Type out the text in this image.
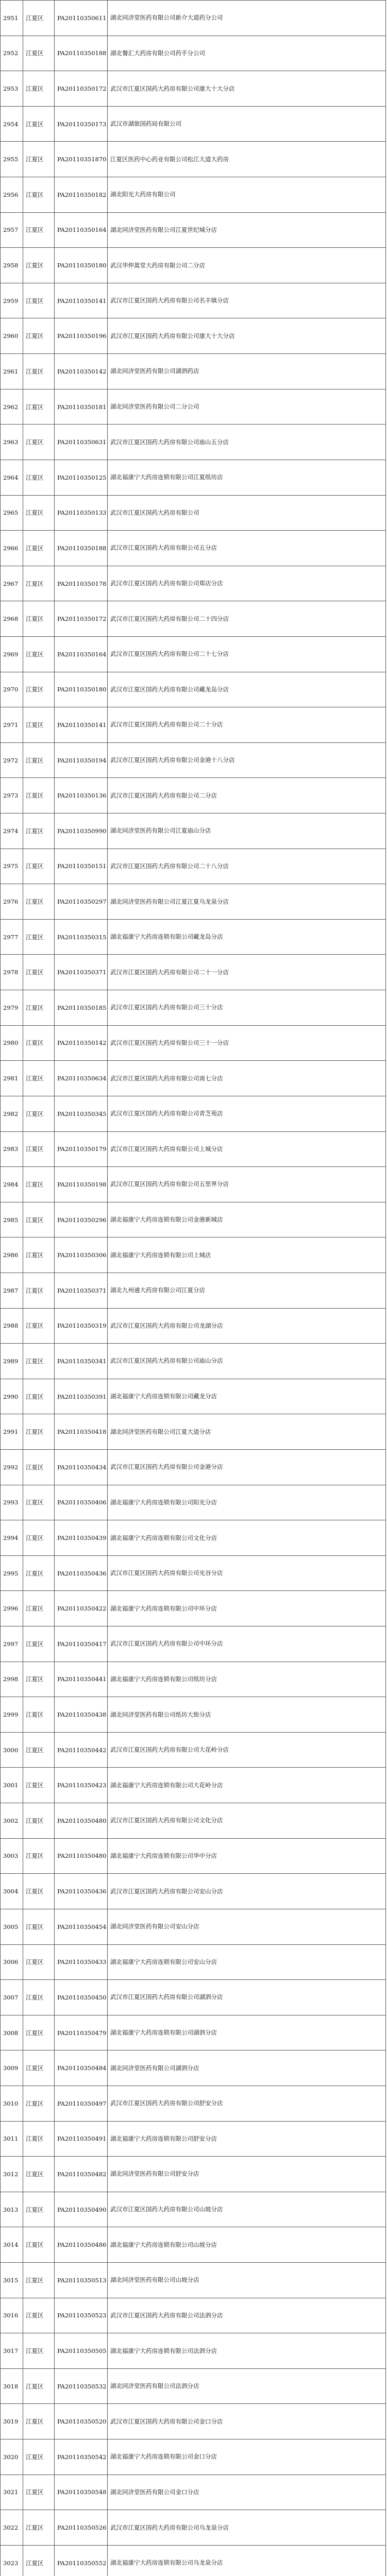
2951	江夏区	PA20110350611	湖北同济堂医药有限公司新介大道药分公司

2952	江夏区	PA20110350188	湖北餐汇大药房有限公司药乎分公司

2953	江夏区	PA20110350172	武汉市江夏区国药大药房有限公司康大十大分店

2954	江夏区	PA20110350173	武汉市湖旅国药局有限公司

2955	江夏区	PA20110351870	江夏区医药中心药业有限公司松江大道大药房

2956	江夏区	PA20110350182	湖北阳光大药房有限公司

2957	江夏区	PA20110350164	湖北同济堂医药有限公司江夏世纪城分店

2958	江夏区	PA20110350180	武汉华仲蒿堂大药房有限公司二分店

2959	江夏区	PA20110350141	武汉市江夏区国药大药房有限公司名丰镇分店

2960	江夏区	PA20110350196	武汉市江夏区国药大药房有限公司康大十大分店

2961	江夏区	PA20110350142	湖北同济堂医药有限公司湖泗药店

2962	江夏区	PA20110350181	湖北同济堂医药有限公司二分公司

2963	江夏区	PA20110350631	武汉市江夏区国药大药房有限公司庙山五分店

2964	江夏区	PA20110350125	湖北福康宁大药房连锁有限公司江夏纸坊店

2965	江夏区	PA20110350133	武汉市江夏区国药大药房有限公司

2966	江夏区	PA20110350188	武汉市江夏区国药大药房有限公司五分店

2967	江夏区	PA20110350178	武汉市江夏区国药大药房有限公司郑店分店

2968	江夏区	PA20110350172	武汉市江夏区国药大药房有限公司二十四分店

2969	江夏区	PA20110350164	武汉市江夏区国药大药房有限公司二十七分店

2970	江夏区	PA20110350180	武汉市江夏区国药大药房有限公司藏龙岛分店

2971	江夏区	PA20110350141	武汉市江夏区国药大药房有限公司二十分店

2972	江夏区	PA20110350194	武汉市江夏区国药大药房有限公司金港十八分店

2973	江夏区	PA20110350136	武汉市江夏区国药大药房有限公司二分店

2974	江夏区	PA20110350990	湖北同济堂医药有限公司江夏庙山分店

2975	江夏区	PA20110350151	武汉市江夏区国药大药房有限公司二十八分店

2976	江夏区	PA20110350297	湖北同济堂医药有限公司江夏江夏乌龙泉分店

2977	江夏区	PA20110350315	湖北福康宁大药房连锁有限公司藏龙岛分店

2978	江夏区	PA20110350371	武汉市江夏区国药大药房有限公司二十一分店

2979	江夏区	PA20110350185	武汉市江夏区国药大药房有限公司三十分店

2980	江夏区	PA20110350142	武汉市江夏区国药大药房有限公司三十一分店

2981	江夏区	PA20110350634	武汉市江夏区国药大药房有限公司南七分店

2982	江夏区	PA20110350345	武汉市江夏区国药大药房有限公司青芝苑店

2983	江夏区	PA20110350179	武汉市江夏区国药大药房有限公司上城分店

2984	江夏区	PA20110350198	武汉市江夏区国药大药房有限公司五里界分店

2985	江夏区	PA20110350296	湖北福康宁大药房连锁有限公司金港新城店

2986	江夏区	PA20110350306	湖北福康宁大药房连锁有限公司上城店

2987	江夏区	PA20110350371	湖北九州通大药房有限公司江夏分店

2988	江夏区	PA20110350319	武汉市江夏区国药大药房有限公司龙湖分店

2989	江夏区	PA20110350341	武汉市江夏区国药大药房有限公司庙山分店

2990	江夏区	PA20110350391	湖北福康宁大药房连锁有限公司藏龙分店

2991	江夏区	PA20110350418	湖北同济堂医药有限公司江夏大道分店

2992	江夏区	PA20110350434	武汉市江夏区国药大药房有限公司金港分店

2993	江夏区	PA20110350406	湖北福康宁大药房连锁有限公司阳光分店

2994	江夏区	PA20110350439	湖北福康宁大药房连锁有限公司文化分店

2995	江夏区	PA20110350436	武汉市江夏区国药大药房有限公司光谷分店

2996	江夏区	PA20110350422	湖北福康宁大药房连锁有限公司中环分店

2997	江夏区	PA20110350417	武汉市江夏区国药大药房有限公司中环分店

2998	江夏区	PA20110350441	湖北福康宁大药房连锁有限公司纸坊分店

2999	江夏区	PA20110350438	湖北同济堂医药有限公司纸坊大街分店

3000	江夏区	PA20110350442	武汉市江夏区国药大药房有限公司大花岭分店

3001	江夏区	PA20110350423	湖北福康宁大药房连锁有限公司大花岭分店

3002	江夏区	PA20110350480	武汉市江夏区国药大药房有限公司文化分店

3003	江夏区	PA20110350480	湖北福康宁大药房连锁有限公司华中分店

3004	江夏区	PA20110350436	武汉市江夏区国药大药房有限公司安山分店

3005	江夏区	PA20110350454	湖北同济堂医药有限公司安山分店

3006	江夏区	PA20110350433	湖北福康宁大药房连锁有限公司安山分店

3007	江夏区	PA20110350450	武汉市江夏区国药大药房有限公司湖泗分店

3008	江夏区	PA20110350479	湖北福康宁大药房连锁有限公司湖泗分店

3009	江夏区	PA20110350484	湖北同济堂医药有限公司湖泗分店

3010	江夏区	PA20110350497	武汉市江夏区国药大药房有限公司舒安分店

3011	江夏区	PA20110350491	湖北福康宁大药房连锁有限公司舒安分店

3012	江夏区	PA20110350482	湖北同济堂医药有限公司舒安分店

3013	江夏区	PA20110350490	武汉市江夏区国药大药房有限公司山坡分店

3014	江夏区	PA20110350486	湖北福康宁大药房连锁有限公司山坡分店

3015	江夏区	PA20110350513	湖北同济堂医药有限公司山坡分店

3016	江夏区	PA20110350523	武汉市江夏区国药大药房有限公司法泗分店

3017	江夏区	PA20110350505	湖北福康宁大药房连锁有限公司法泗分店

3018	江夏区	PA20110350532	湖北同济堂医药有限公司法泗分店

3019	江夏区	PA20110350520	武汉市江夏区国药大药房有限公司金口分店

3020	江夏区	PA20110350542	湖北福康宁大药房连锁有限公司金口分店

3021	江夏区	PA20110350548	湖北同济堂医药有限公司金口分店

3022	江夏区	PA20110350526	武汉市江夏区国药大药房有限公司乌龙泉分店

3023	江夏区	PA20110350552	湖北福康宁大药房连锁有限公司乌龙泉分店
